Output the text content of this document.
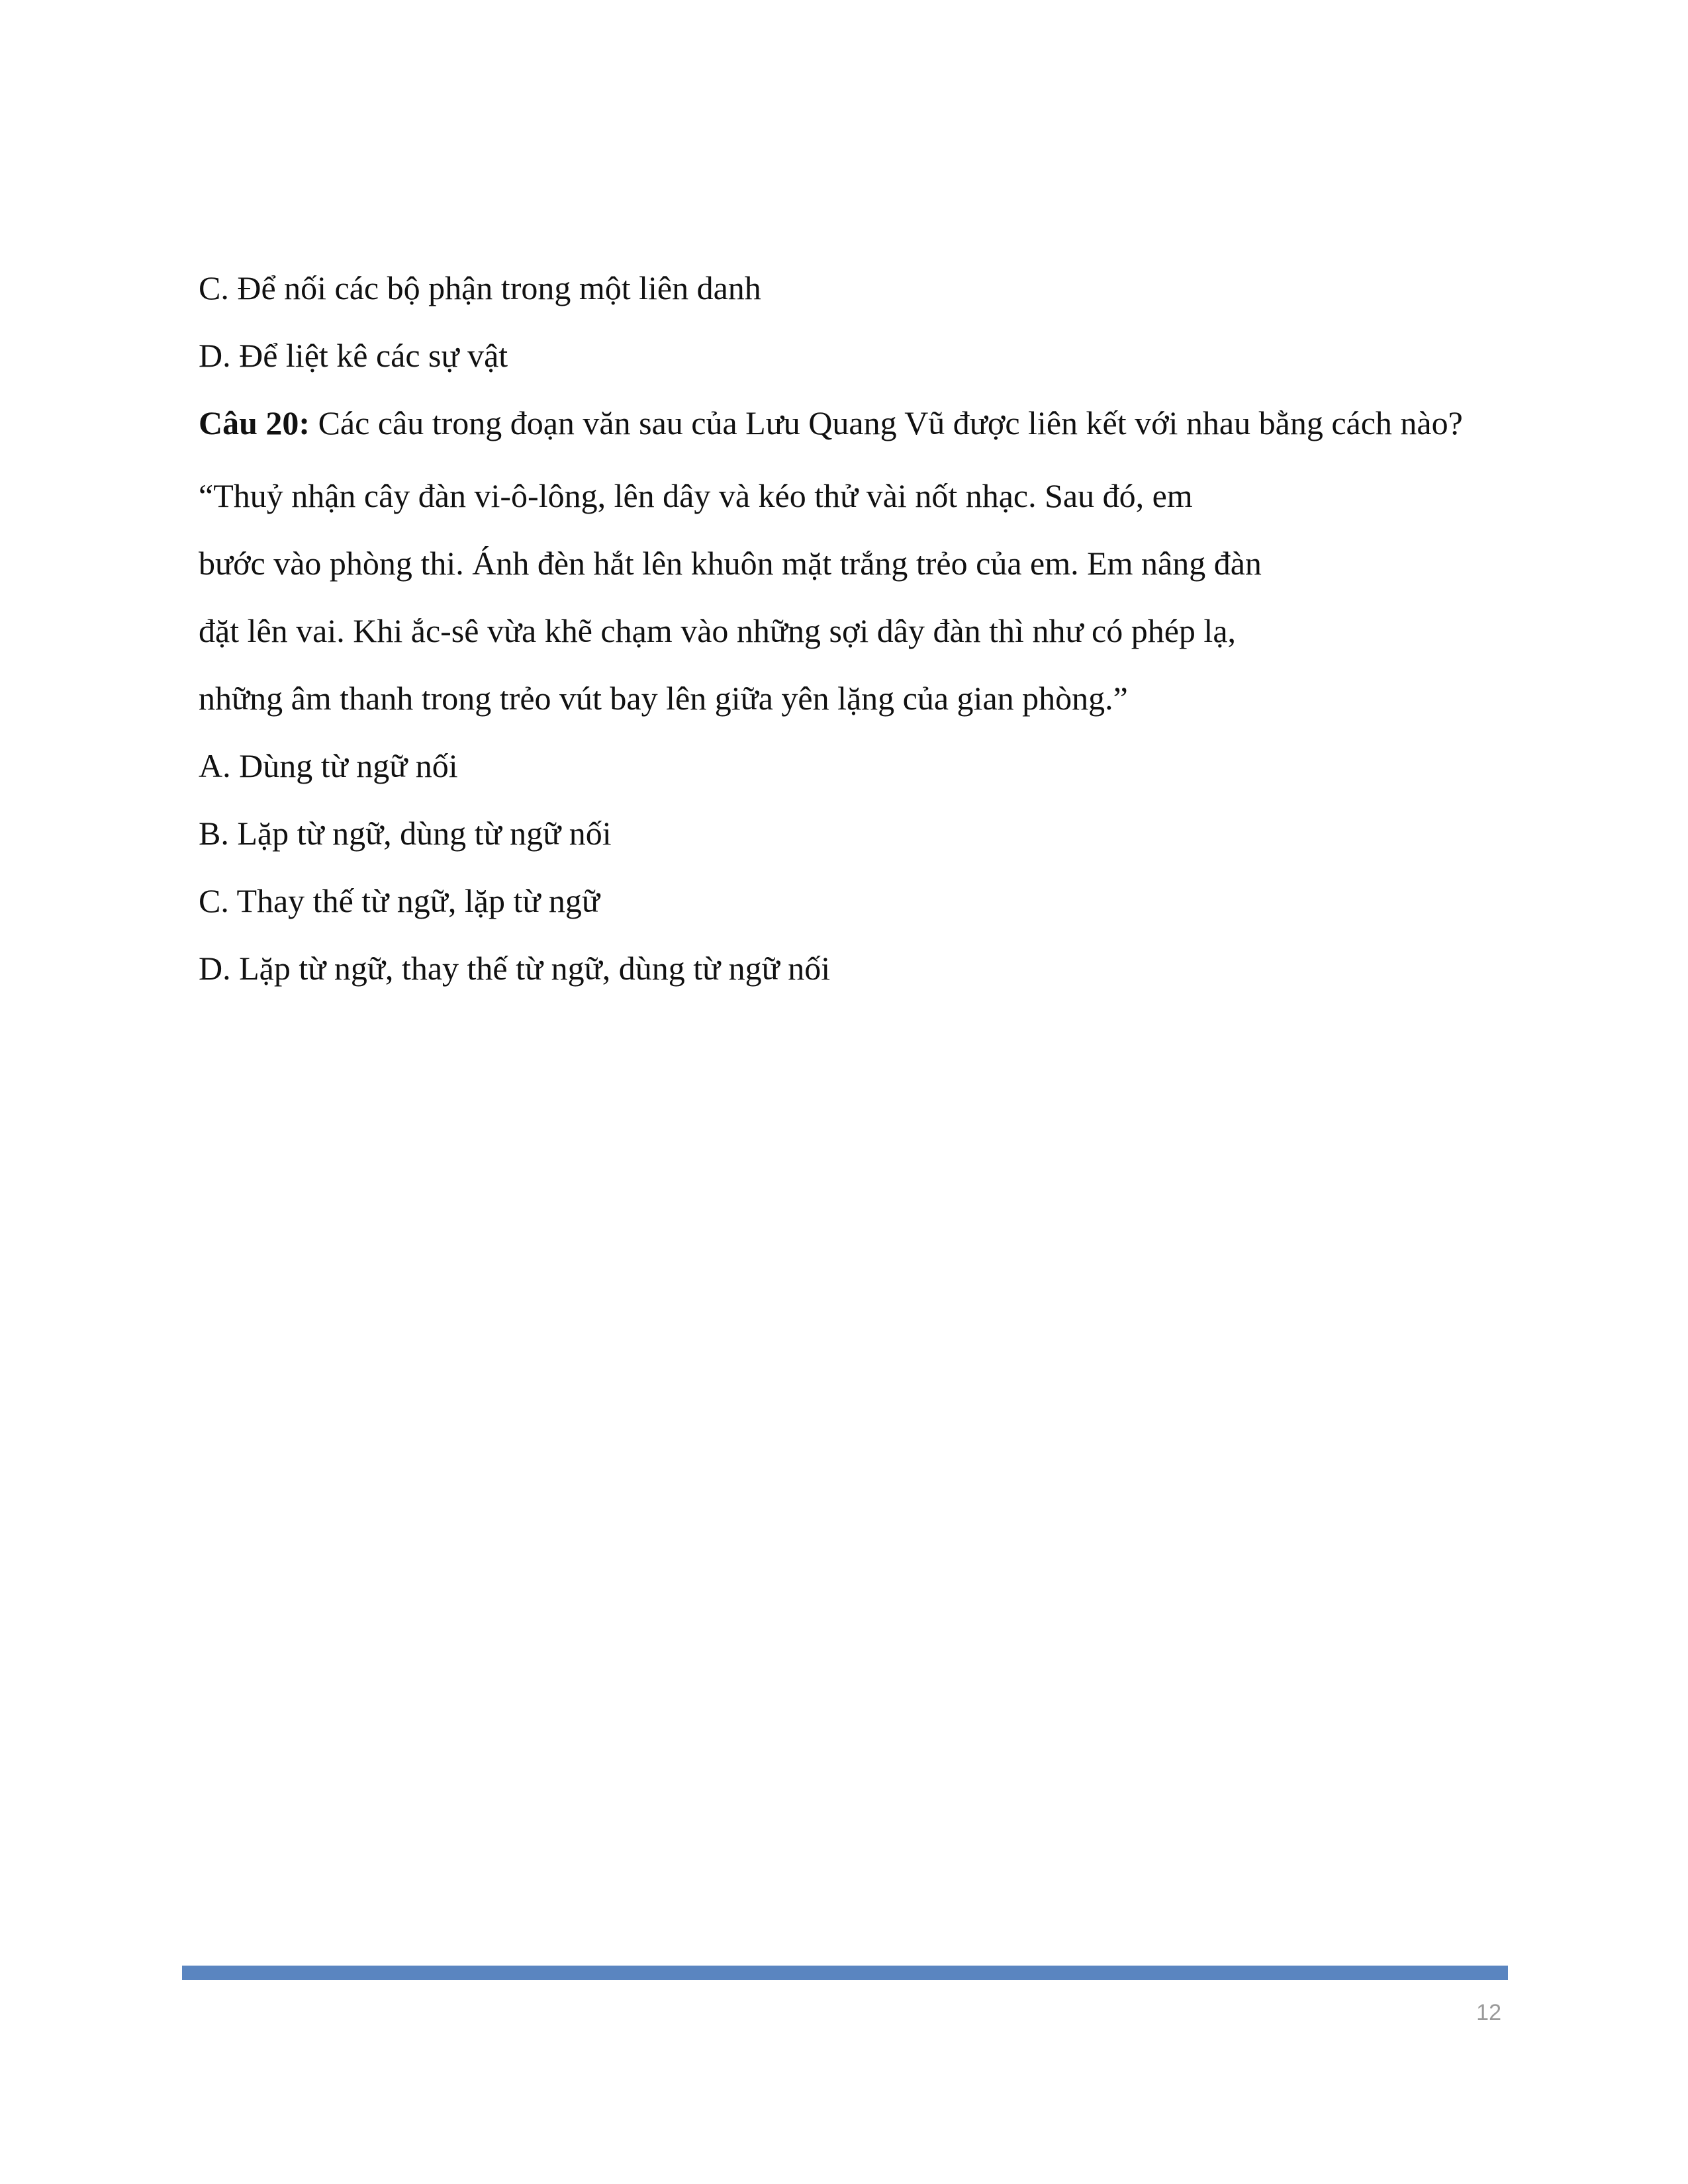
C. Để nối các bộ phận trong một liên danh

D. Để liệt kê các sự vật

Câu 20: Các câu trong đoạn văn sau của Lưu Quang Vũ được liên kết với nhau bằng cách nào?

“Thuỷ nhận cây đàn vi-ô-lông, lên dây và kéo thử vài nốt nhạc. Sau đó, em

bước vào phòng thi. Ánh đèn hắt lên khuôn mặt trắng trẻo của em. Em nâng đàn

đặt lên vai. Khi ắc-sê vừa khẽ chạm vào những sợi dây đàn thì như có phép lạ,

những âm thanh trong trẻo vút bay lên giữa yên lặng của gian phòng.”

A. Dùng từ ngữ nối

B. Lặp từ ngữ, dùng từ ngữ nối

C. Thay thế từ ngữ, lặp từ ngữ

D. Lặp từ ngữ, thay thế từ ngữ, dùng từ ngữ nối

12
